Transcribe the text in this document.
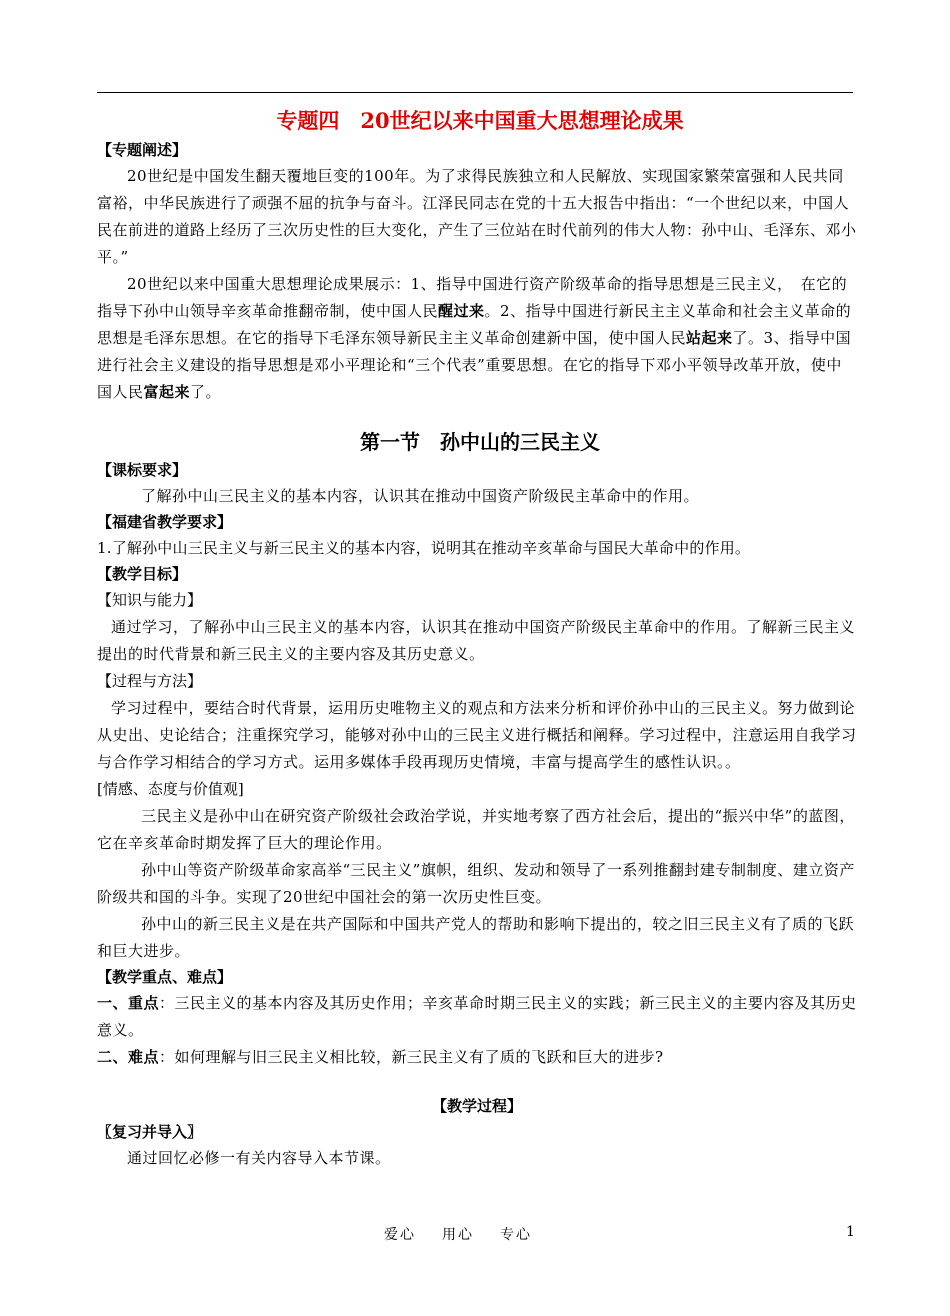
专题四　20世纪以来中国重大思想理论成果

【专题阐述】

20世纪是中国发生翻天覆地巨变的100年。为了求得民族独立和人民解放、实现国家繁荣富强和人民共同富裕，中华民族进行了顽强不屈的抗争与奋斗。江泽民同志在党的十五大报告中指出：“一个世纪以来，中国人民在前进的道路上经历了三次历史性的巨大变化，产生了三位站在时代前列的伟大人物：孙中山、毛泽东、邓小平。”

20世纪以来中国重大思想理论成果展示：1、指导中国进行资产阶级革命的指导思想是三民主义，　在它的指导下孙中山领导辛亥革命推翻帝制，使中国人民醒过来。2、指导中国进行新民主主义革命和社会主义革命的思想是毛泽东思想。在它的指导下毛泽东领导新民主主义革命创建新中国，使中国人民站起来了。3、指导中国进行社会主义建设的指导思想是邓小平理论和“三个代表”重要思想。在它的指导下邓小平领导改革开放，使中国人民富起来了。

第一节　孙中山的三民主义

【课标要求】

了解孙中山三民主义的基本内容，认识其在推动中国资产阶级民主革命中的作用。

【福建省教学要求】

1.了解孙中山三民主义与新三民主义的基本内容，说明其在推动辛亥革命与国民大革命中的作用。

【教学目标】

【知识与能力】

通过学习，了解孙中山三民主义的基本内容，认识其在推动中国资产阶级民主革命中的作用。了解新三民主义提出的时代背景和新三民主义的主要内容及其历史意义。

【过程与方法】

学习过程中，要结合时代背景，运用历史唯物主义的观点和方法来分析和评价孙中山的三民主义。努力做到论从史出、史论结合；注重探究学习，能够对孙中山的三民主义进行概括和阐释。学习过程中，注意运用自我学习与合作学习相结合的学习方式。运用多媒体手段再现历史情境，丰富与提高学生的感性认识。。

[情感、态度与价值观]

三民主义是孙中山在研究资产阶级社会政治学说，并实地考察了西方社会后，提出的“振兴中华”的蓝图，它在辛亥革命时期发挥了巨大的理论作用。

孙中山等资产阶级革命家高举“三民主义”旗帜，组织、发动和领导了一系列推翻封建专制制度、建立资产阶级共和国的斗争。实现了20世纪中国社会的第一次历史性巨变。

孙中山的新三民主义是在共产国际和中国共产党人的帮助和影响下提出的，较之旧三民主义有了质的飞跃和巨大进步。

【教学重点、难点】

一、重点：三民主义的基本内容及其历史作用；辛亥革命时期三民主义的实践；新三民主义的主要内容及其历史意义。

二、难点：如何理解与旧三民主义相比较，新三民主义有了质的飞跃和巨大的进步?

【教学过程】

〖复习并导入〗

通过回忆必修一有关内容导入本节课。

爱心 用心 专心	1
